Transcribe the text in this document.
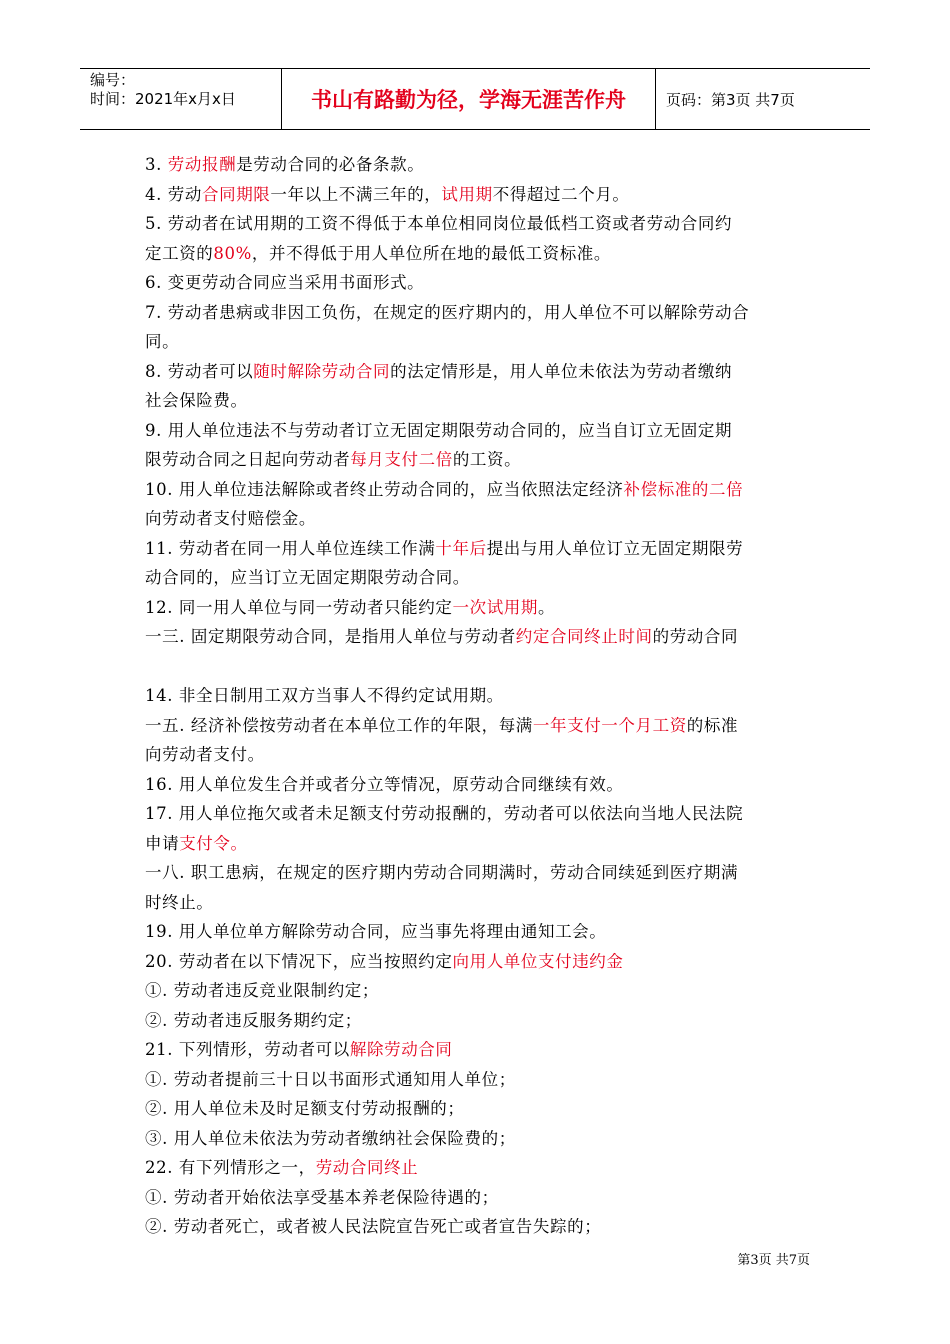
编号：
时间：2021年x月x日	书山有路勤为径，学海无涯苦作舟	页码：第3页 共7页
3. 劳动报酬是劳动合同的必备条款。
4. 劳动合同期限一年以上不满三年的，试用期不得超过二个月。
5. 劳动者在试用期的工资不得低于本单位相同岗位最低档工资或者劳动合同约
定工资的80%，并不得低于用人单位所在地的最低工资标准。
6. 变更劳动合同应当采用书面形式。
7. 劳动者患病或非因工负伤，在规定的医疗期内的，用人单位不可以解除劳动合
同。
8. 劳动者可以随时解除劳动合同的法定情形是，用人单位未依法为劳动者缴纳
社会保险费。
9. 用人单位违法不与劳动者订立无固定期限劳动合同的，应当自订立无固定期
限劳动合同之日起向劳动者每月支付二倍的工资。
10. 用人单位违法解除或者终止劳动合同的，应当依照法定经济补偿标准的二倍
向劳动者支付赔偿金。
11. 劳动者在同一用人单位连续工作满十年后提出与用人单位订立无固定期限劳
动合同的，应当订立无固定期限劳动合同。
12. 同一用人单位与同一劳动者只能约定一次试用期。
一三. 固定期限劳动合同，是指用人单位与劳动者约定合同终止时间的劳动合同
14. 非全日制用工双方当事人不得约定试用期。
一五. 经济补偿按劳动者在本单位工作的年限，每满一年支付一个月工资的标准
向劳动者支付。
16. 用人单位发生合并或者分立等情况，原劳动合同继续有效。
17. 用人单位拖欠或者未足额支付劳动报酬的，劳动者可以依法向当地人民法院
申请支付令。
一八. 职工患病，在规定的医疗期内劳动合同期满时，劳动合同续延到医疗期满
时终止。
19. 用人单位单方解除劳动合同，应当事先将理由通知工会。
20. 劳动者在以下情况下，应当按照约定向用人单位支付违约金
①. 劳动者违反竞业限制约定；
②. 劳动者违反服务期约定；
21. 下列情形，劳动者可以解除劳动合同
①. 劳动者提前三十日以书面形式通知用人单位；
②. 用人单位未及时足额支付劳动报酬的；
③. 用人单位未依法为劳动者缴纳社会保险费的；
22. 有下列情形之一，劳动合同终止
①. 劳动者开始依法享受基本养老保险待遇的；
②. 劳动者死亡，或者被人民法院宣告死亡或者宣告失踪的；
第3页 共7页
